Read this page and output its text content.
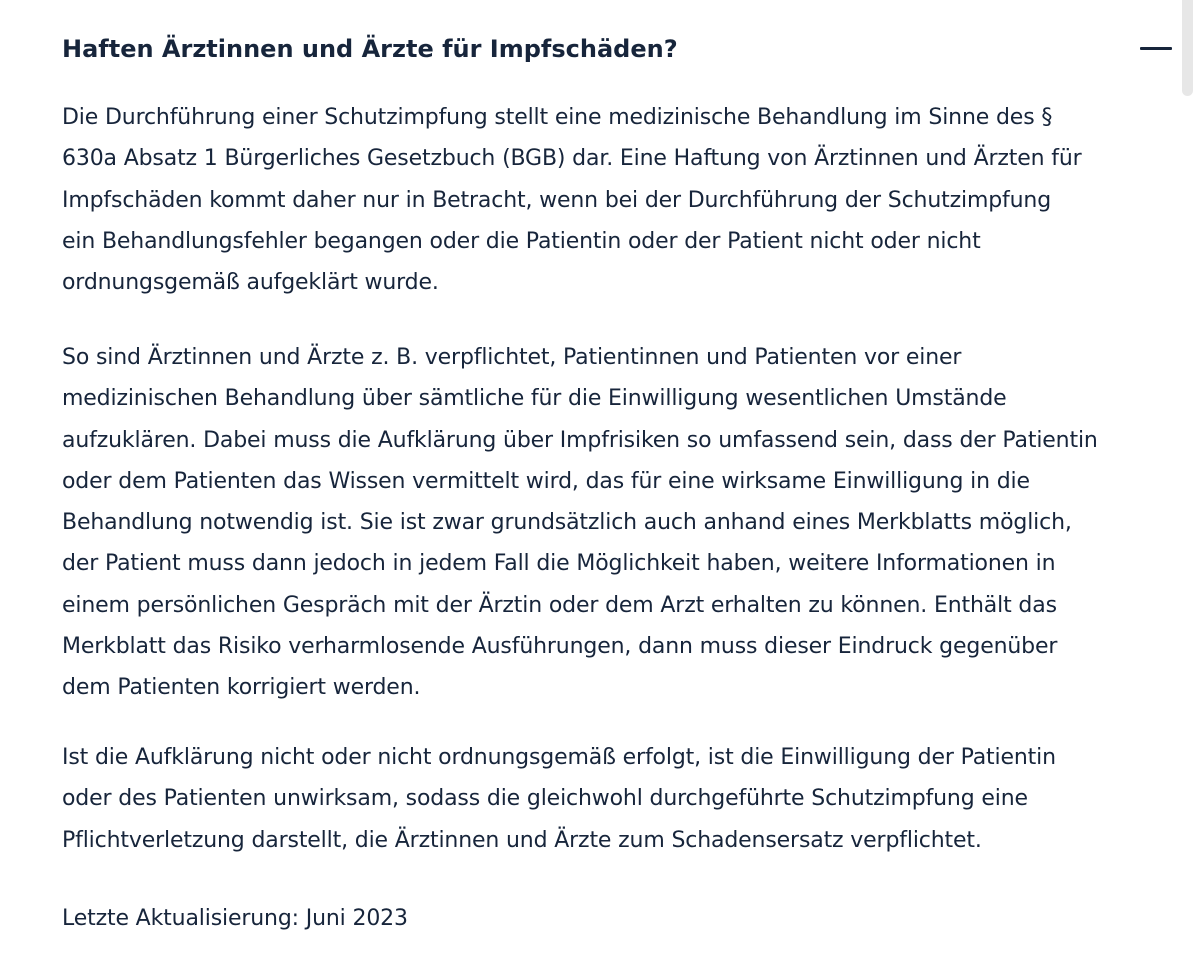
Haften Ärztinnen und Ärzte für Impfschäden?

Die Durchführung einer Schutzimpfung stellt eine medizinische Behandlung im Sinne des §
630a Absatz 1 Bürgerliches Gesetzbuch (BGB) dar. Eine Haftung von Ärztinnen und Ärzten für
Impfschäden kommt daher nur in Betracht, wenn bei der Durchführung der Schutzimpfung
ein Behandlungsfehler begangen oder die Patientin oder der Patient nicht oder nicht
ordnungsgemäß aufgeklärt wurde.

So sind Ärztinnen und Ärzte z. B. verpflichtet, Patientinnen und Patienten vor einer
medizinischen Behandlung über sämtliche für die Einwilligung wesentlichen Umstände
aufzuklären. Dabei muss die Aufklärung über Impfrisiken so umfassend sein, dass der Patientin
oder dem Patienten das Wissen vermittelt wird, das für eine wirksame Einwilligung in die
Behandlung notwendig ist. Sie ist zwar grundsätzlich auch anhand eines Merkblatts möglich,
der Patient muss dann jedoch in jedem Fall die Möglichkeit haben, weitere Informationen in
einem persönlichen Gespräch mit der Ärztin oder dem Arzt erhalten zu können. Enthält das
Merkblatt das Risiko verharmlosende Ausführungen, dann muss dieser Eindruck gegenüber
dem Patienten korrigiert werden.

Ist die Aufklärung nicht oder nicht ordnungsgemäß erfolgt, ist die Einwilligung der Patientin
oder des Patienten unwirksam, sodass die gleichwohl durchgeführte Schutzimpfung eine
Pflichtverletzung darstellt, die Ärztinnen und Ärzte zum Schadensersatz verpflichtet.

Letzte Aktualisierung: Juni 2023
